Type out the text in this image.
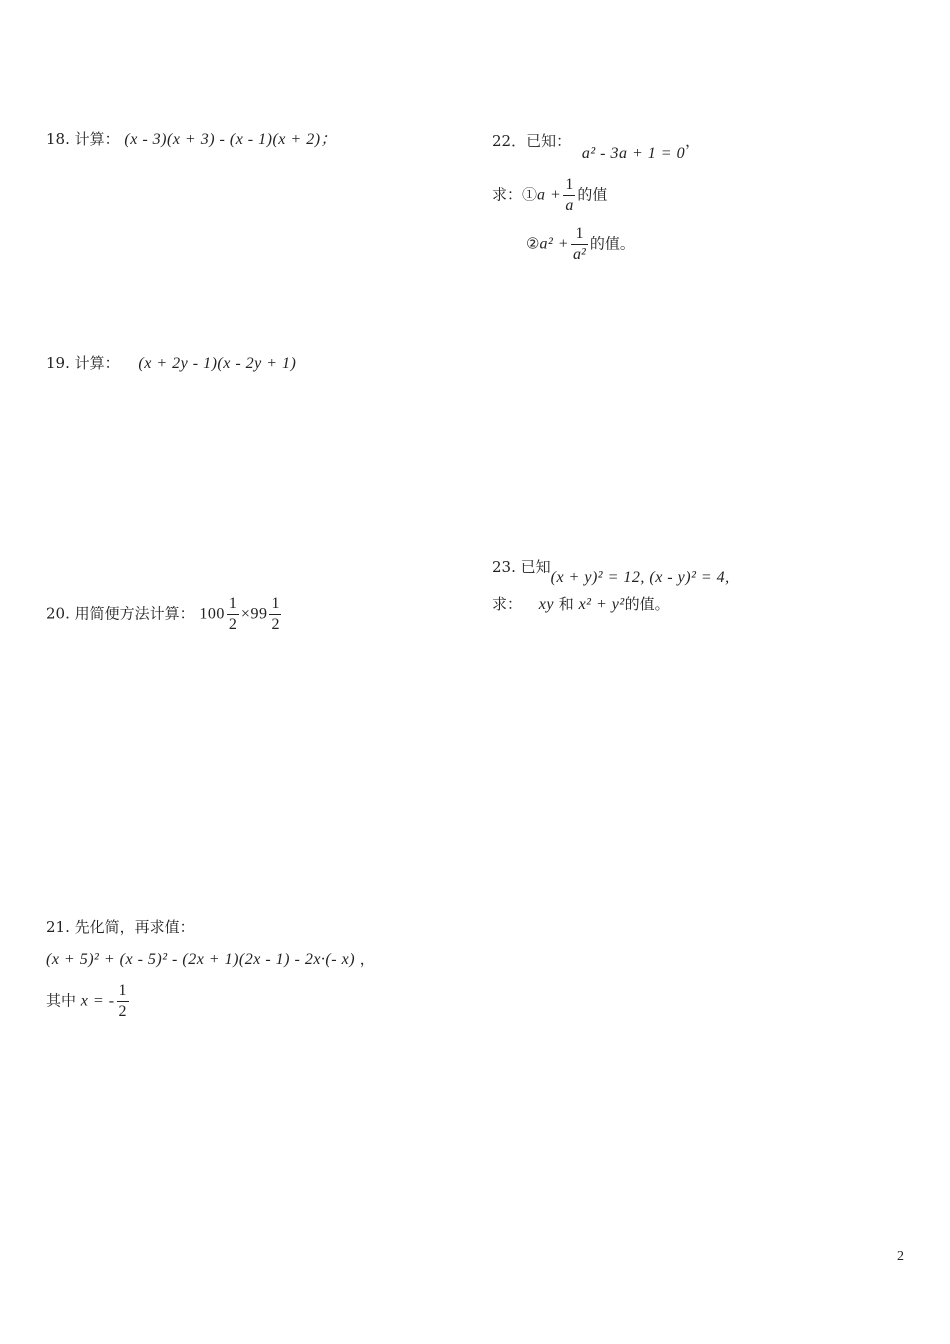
18. 计算： (x - 3)(x + 3) - (x - 1)(x + 2)；
19. 计算： (x + 2y - 1)(x - 2y + 1)
20. 用简便方法计算： $100 \frac{1}{2} \times 99 \frac{1}{2}$
21. 先化简，再求值：
(x + 5)² + (x - 5)² - (2x + 1)(2x - 1) - 2x·(- x) ，
其中 x = - $\frac{1}{2}$
22．已知： a² - 3a + 1 = 0，
求：①a + $\frac{1}{a}$ 的值
②a² + $\frac{1}{\text{a²}}$ 的值。
23. 已知(x + y)² = 12, (x - y)² = 4,
求： xy 和 x² + y²的值。
2
